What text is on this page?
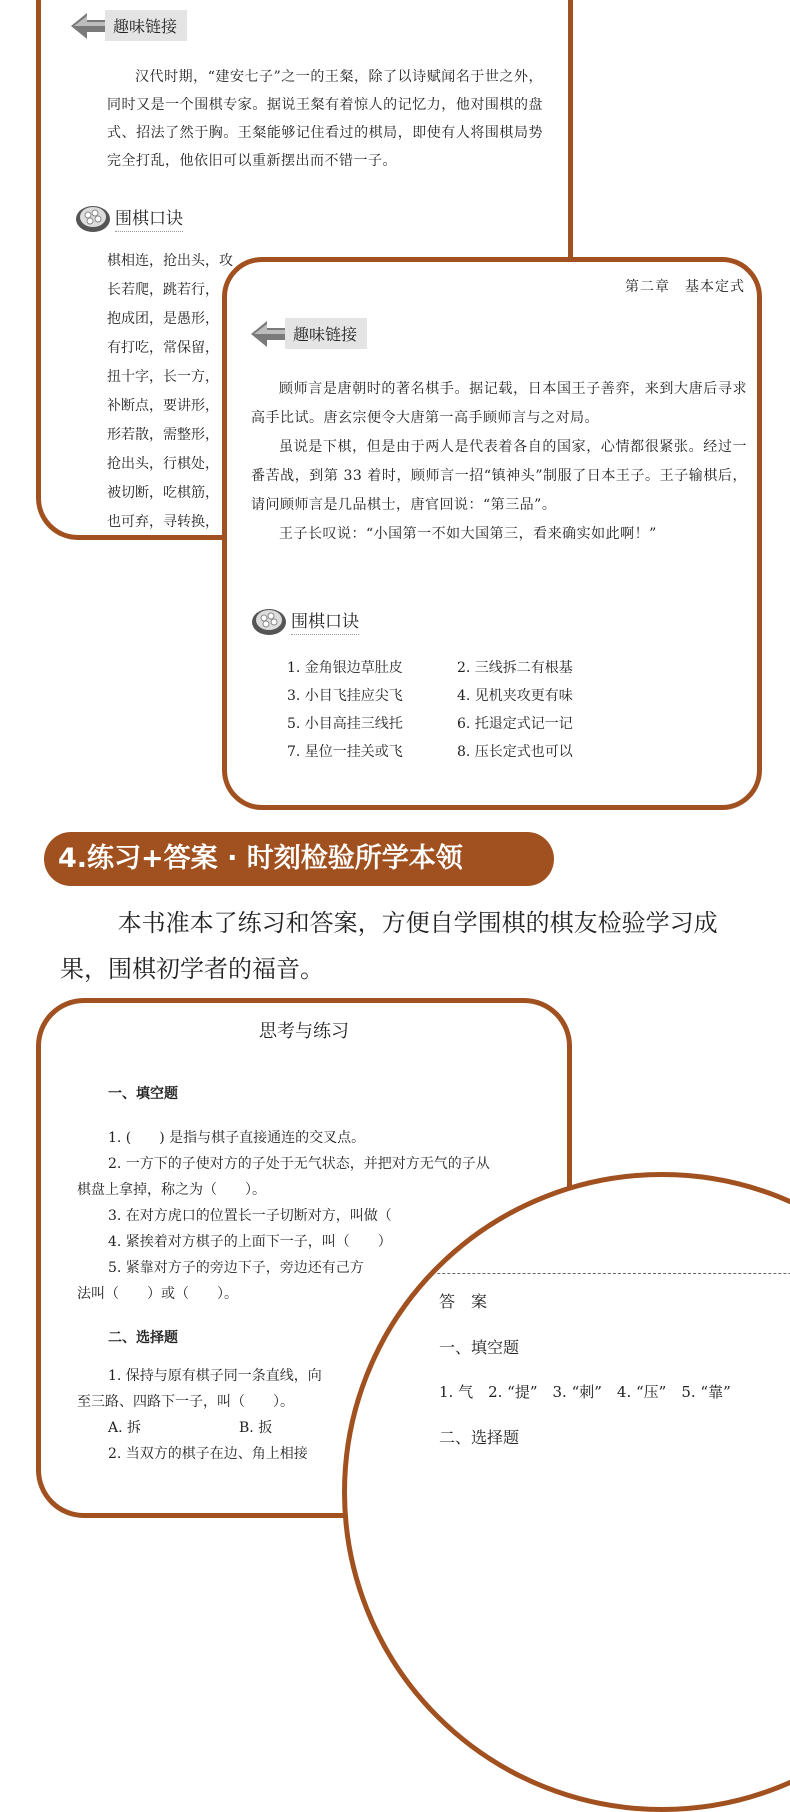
趣味链接

汉代时期，“建安七子”之一的王粲，除了以诗赋闻名于世之外，同时又是一个围棋专家。据说王粲有着惊人的记忆力，他对围棋的盘式、招法了然于胸。王粲能够记住看过的棋局，即使有人将围棋局势完全打乱，他依旧可以重新摆出而不错一子。

围棋口诀
棋相连，抢出头，攻
长若爬，跳若行，
抱成团，是愚形，
有打吃，常保留，
扭十字，长一方，
补断点，要讲形，
形若散，需整形，
抢出头，行棋处，
被切断，吃棋筋，
也可弃，寻转换，
第二章　基本定式
趣味链接

顾师言是唐朝时的著名棋手。据记载，日本国王子善弈，来到大唐后寻求高手比试。唐玄宗便令大唐第一高手顾师言与之对局。

虽说是下棋，但是由于两人是代表着各自的国家，心情都很紧张。经过一番苦战，到第 33 着时，顾师言一招“镇神头”制服了日本王子。王子输棋后，请问顾师言是几品棋士，唐官回说：“第三品”。

王子长叹说：“小国第一不如大国第三，看来确实如此啊！”

围棋口诀
1. 金角银边草肚皮	2. 三线拆二有根基
3. 小目飞挂应尖飞	4. 见机夹攻更有味
5. 小目高挂三线托	6. 托退定式记一记
7. 星位一挂关或飞	8. 压长定式也可以
4.练习+答案 · 时刻检验所学本领

本书准本了练习和答案，方便自学围棋的棋友检验学习成果，围棋初学者的福音。

思考与练习
一、填空题
1. (　　) 是指与棋子直接通连的交叉点。
2. 一方下的子使对方的子处于无气状态，并把对方无气的子从
棋盘上拿掉，称之为（　　）。
3. 在对方虎口的位置长一子切断对方，叫做（
4. 紧挨着对方棋子的上面下一子，叫（　　）
5. 紧靠对方子的旁边下子，旁边还有己方
法叫（　　）或（　　）。
二、选择题
1. 保持与原有棋子同一条直线，向
至三路、四路下一子，叫（　　）。
A. 拆	B. 扳
2. 当双方的棋子在边、角上相接
答　案
一、填空题
1. 气　2. “提”　3. “刺”　4. “压”　5. “靠”
二、选择题
